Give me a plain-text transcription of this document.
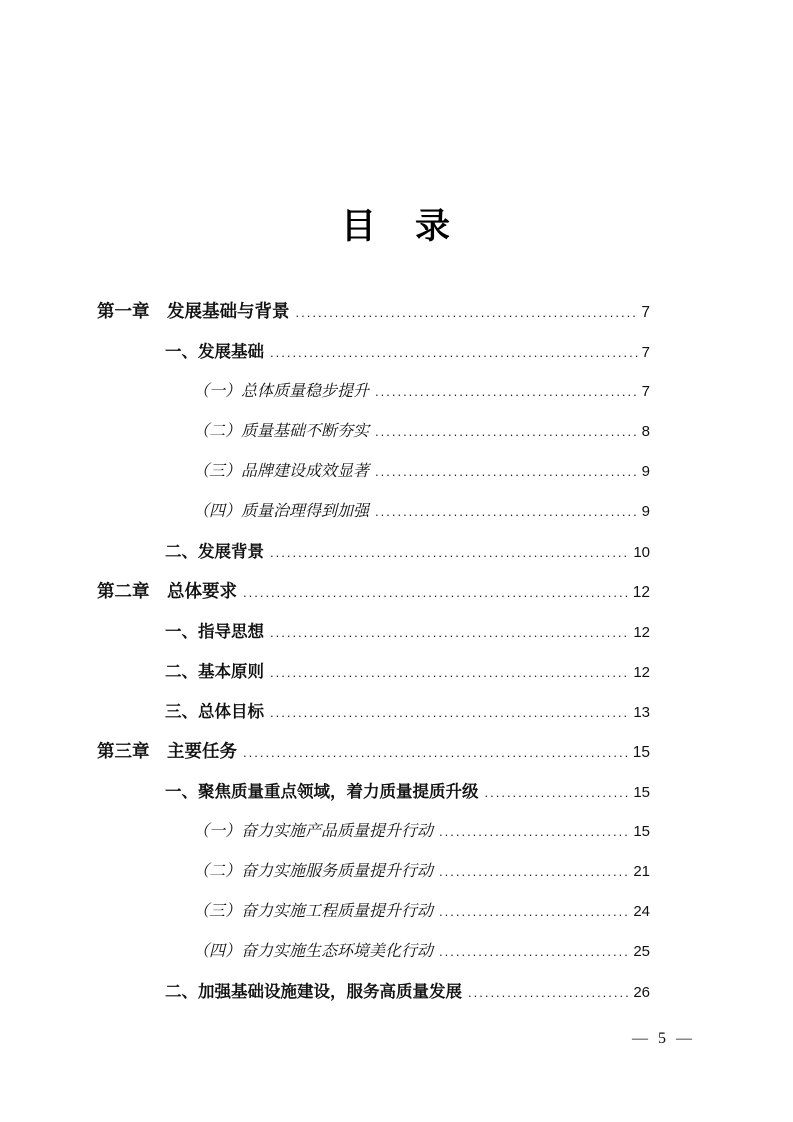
目　录
第一章　发展基础与背景 .....	7
一、发展基础 .....	7
（一）总体质量稳步提升 .....	7
（二）质量基础不断夯实 .....	8
（三）品牌建设成效显著 .....	9
（四）质量治理得到加强 .....	9
二、发展背景 .....	10
第二章　总体要求 .....	12
一、指导思想 .....	12
二、基本原则 .....	12
三、总体目标 .....	13
第三章　主要任务 .....	15
一、聚焦质量重点领域，着力质量提质升级 .....	15
（一）奋力实施产品质量提升行动 .....	15
（二）奋力实施服务质量提升行动 .....	21
（三）奋力实施工程质量提升行动 .....	24
（四）奋力实施生态环境美化行动 .....	25
二、加强基础设施建设，服务高质量发展 .....	26
— 5 —
